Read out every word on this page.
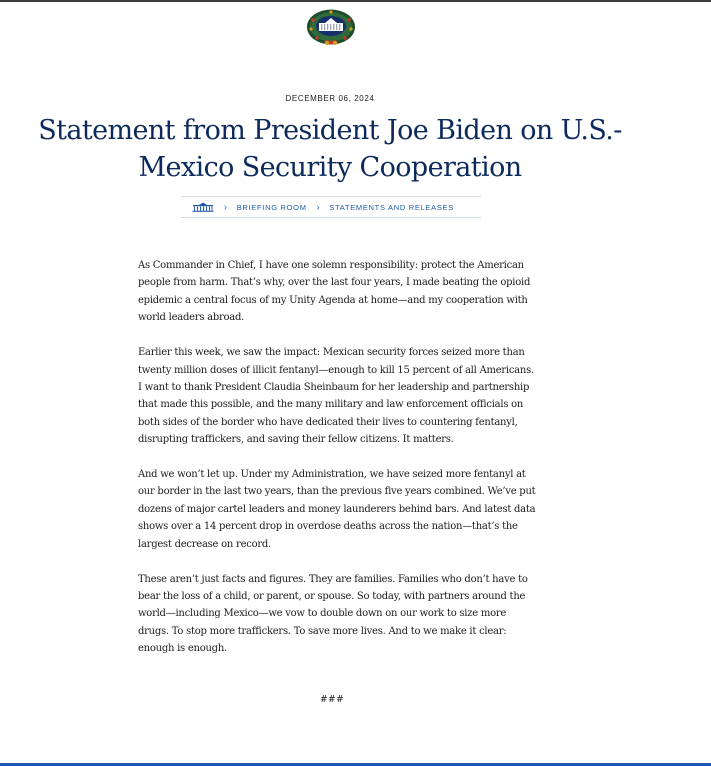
DECEMBER 06, 2024
Statement from President Joe Biden on U.S.-Mexico Security Cooperation
› BRIEFING ROOM › STATEMENTS AND RELEASES

As Commander in Chief, I have one solemn responsibility: protect the American people from harm. That’s why, over the last four years, I made beating the opioid epidemic a central focus of my Unity Agenda at home—and my cooperation with world leaders abroad.

Earlier this week, we saw the impact: Mexican security forces seized more than twenty million doses of illicit fentanyl—enough to kill 15 percent of all Americans. I want to thank President Claudia Sheinbaum for her leadership and partnership that made this possible, and the many military and law enforcement officials on both sides of the border who have dedicated their lives to countering fentanyl, disrupting traffickers, and saving their fellow citizens. It matters.

And we won’t let up. Under my Administration, we have seized more fentanyl at our border in the last two years, than the previous five years combined. We’ve put dozens of major cartel leaders and money launderers behind bars. And latest data shows over a 14 percent drop in overdose deaths across the nation—that’s the largest decrease on record.

These aren’t just facts and figures. They are families. Families who don’t have to bear the loss of a child, or parent, or spouse. So today, with partners around the world—including Mexico—we vow to double down on our work to size more drugs. To stop more traffickers. To save more lives. And to we make it clear: enough is enough.

###
